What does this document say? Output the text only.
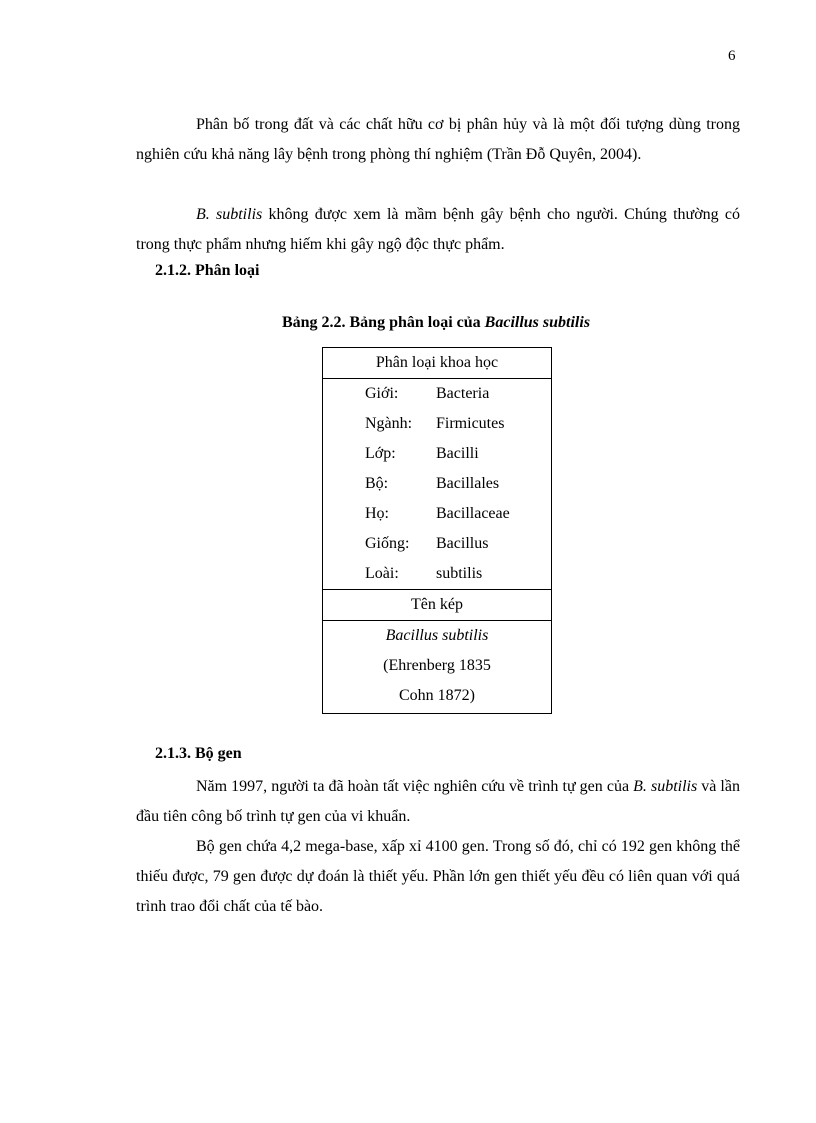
6

Phân bố trong đất và các chất hữu cơ bị phân hủy và là một đối tượng dùng trong nghiên cứu khả năng lây bệnh trong phòng thí nghiệm (Trần Đỗ Quyên, 2004).

B. subtilis không được xem là mầm bệnh gây bệnh cho người. Chúng thường có trong thực phẩm nhưng hiếm khi gây ngộ độc thực phẩm.

2.1.2. Phân loại

Bảng 2.2. Bảng phân loại của Bacillus subtilis

Phân loại khoa học
Giới: Bacteria
Ngành: Firmicutes
Lớp:	Bacilli
Bộ:	Bacillales
Họ:	Bacillaceae
Giống: Bacillus
Loài: subtilis
Tên kép
Bacillus subtilis
(Ehrenberg 1835
Cohn 1872)
2.1.3. Bộ gen

Năm 1997, người ta đã hoàn tất việc nghiên cứu về trình tự gen của B. subtilis và lần đầu tiên công bố trình tự gen của vi khuẩn.

Bộ gen chứa 4,2 mega-base, xấp xỉ 4100 gen. Trong số đó, chỉ có 192 gen không thể thiếu được, 79 gen được dự đoán là thiết yếu. Phần lớn gen thiết yếu đều có liên quan với quá trình trao đổi chất của tế bào.
